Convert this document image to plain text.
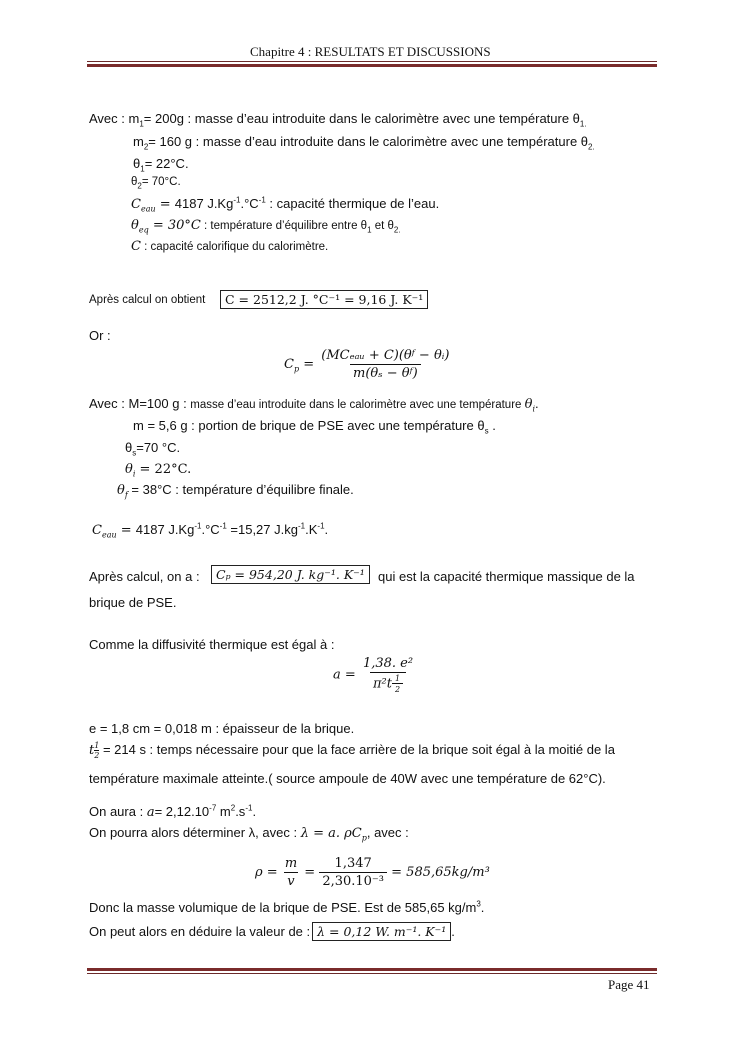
Chapitre 4 : RESULTATS ET DISCUSSIONS
Avec : $m_1= 200g$ : masse d’eau introduite dans le calorimètre avec une température $\theta_{1.}$
$m_2= 160$ g : masse d’eau introduite dans le calorimètre avec une température $\theta_{2.}$
$\theta_1= 22^\circ C$.
$\theta_2= 70^\circ C$.
$C_{eau} = 4187$ $J.Kg^{-1}.^\circ C^{-1}$ : capacité thermique de l’eau.
$\theta_{eq} = 30^\circ C$ : température d’équilibre entre $\theta_1$ et $\theta_{2.}$
C : capacité calorifique du calorimètre.
Après calcul on obtient	C = 2512,2 J. °C⁻¹ = 9,16 J. K⁻¹
Or :
$C_p = \frac{\text{(MCₑₐᵤ + C)(θᶠ − θᵢ)}}{\text{m(θₛ − θᶠ)}}$
Avec : M=100 g : masse d’eau introduite dans le calorimètre avec une température $\theta_i$.
m = 5,6 g : portion de brique de PSE avec une température $\theta_s$ .
$\theta_s=70$ °C.
$\theta_i = 22^\circ C$.
$\theta_f = 38^\circ C$ : température d’équilibre finale.
$C_{eau} = 4187$ $J.Kg^{-1}.^\circ C^{-1} =15,27$ $J.kg^{-1}.K^{-1}$.
Après calcul, on a :	Cₚ = 954,20 J. kg⁻¹. K⁻¹	qui est la capacité thermique massique de la
brique de PSE.
Comme la diffusivité thermique est égal à :
$a = \frac{\text{1,38. e²}}{\pi^2t \frac{1}{2}}$
e = 1,8 cm = 0,018 m : épaisseur de la brique.
t $\frac{1}{2} = 214$ s : temps nécessaire pour que la face arrière de la brique soit égal à la moitié de la
température maximale atteinte.( source ampoule de 40W avec une température de 62°C).
On aura : $a= 2,12.10^{-7}$ $m^2.s^{-1}$.
On pourra alors déterminer λ, avec : λ = a. $\rho C_p$, avec :
$\rho = \frac{m}{v} = \frac{1,347}{\text{2,30.10⁻³}} = 585,65kg/m^3$
Donc la masse volumique de la brique de PSE. Est de 585,65 $kg/m^3$.
On peut alors en déduire la valeur de : λ = 0,12 W. m⁻¹. K⁻¹ .
Page 41
